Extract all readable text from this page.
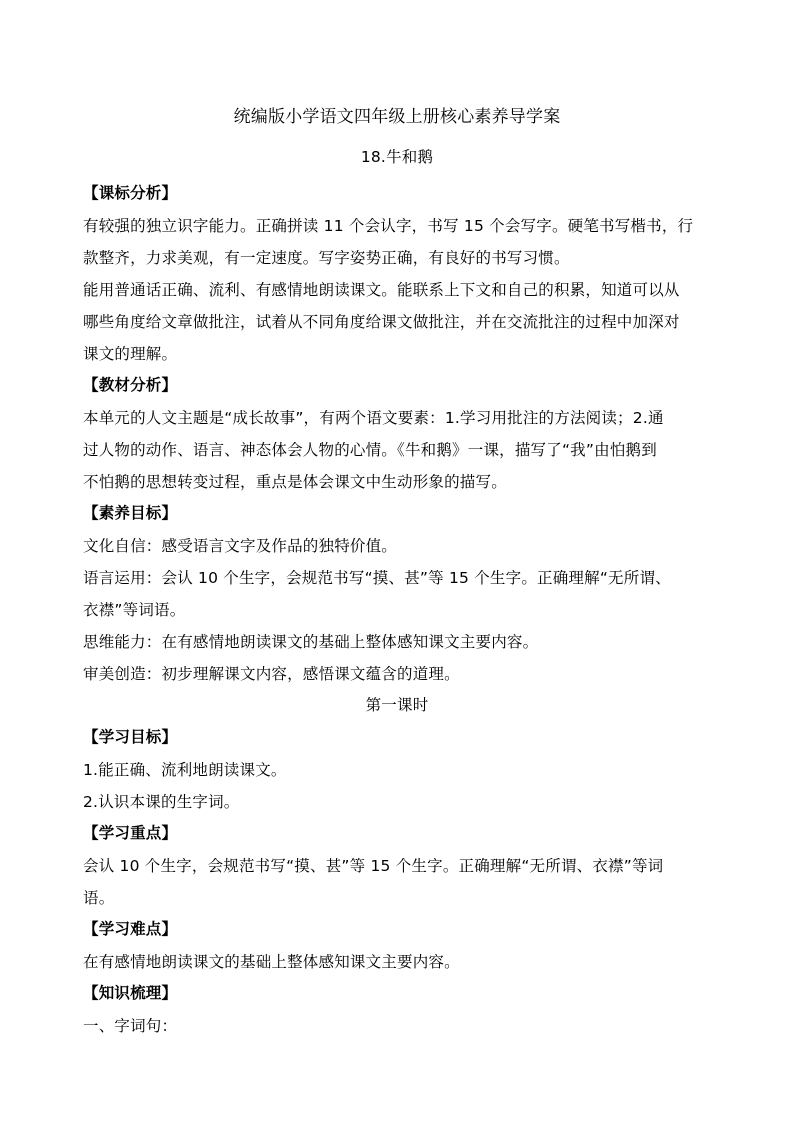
统编版小学语文四年级上册核心素养导学案
18.牛和鹅
【课标分析】
有较强的独立识字能力。正确拼读 11 个会认字，书写 15 个会写字。硬笔书写楷书，行
款整齐，力求美观，有一定速度。写字姿势正确，有良好的书写习惯。
能用普通话正确、流利、有感情地朗读课文。能联系上下文和自己的积累，知道可以从
哪些角度给文章做批注，试着从不同角度给课文做批注，并在交流批注的过程中加深对
课文的理解。
【教材分析】
本单元的人文主题是“成长故事”，有两个语文要素：1.学习用批注的方法阅读；2.通
过人物的动作、语言、神态体会人物的心情。《牛和鹅》一课，描写了“我”由怕鹅到
不怕鹅的思想转变过程，重点是体会课文中生动形象的描写。
【素养目标】
文化自信：感受语言文字及作品的独特价值。
语言运用：会认 10 个生字，会规范书写“摸、甚”等 15 个生字。正确理解“无所谓、
衣襟”等词语。
思维能力：在有感情地朗读课文的基础上整体感知课文主要内容。
审美创造：初步理解课文内容，感悟课文蕴含的道理。
第一课时
【学习目标】
1.能正确、流利地朗读课文。
2.认识本课的生字词。
【学习重点】
会认 10 个生字，会规范书写“摸、甚”等 15 个生字。正确理解“无所谓、衣襟”等词
语。
【学习难点】
在有感情地朗读课文的基础上整体感知课文主要内容。
【知识梳理】
一、字词句：
